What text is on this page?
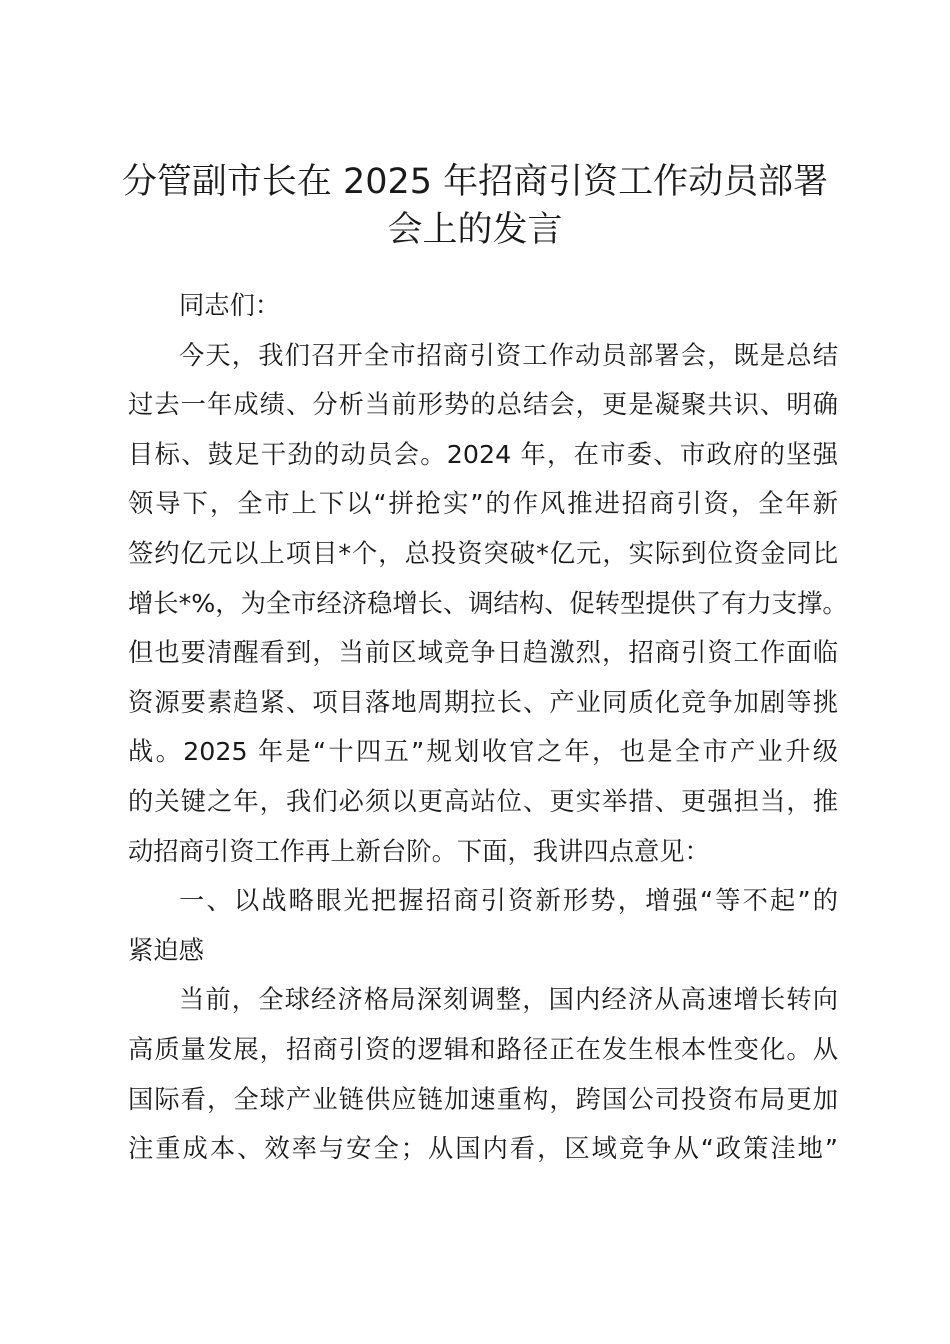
分管副市长在 2025 年招商引资工作动员部署
会上的发言
同志们：
今天，我们召开全市招商引资工作动员部署会，既是总结
过去一年成绩、分析当前形势的总结会，更是凝聚共识、明确
目标、鼓足干劲的动员会。2024 年，在市委、市政府的坚强
领导下，全市上下以“拼抢实”的作风推进招商引资，全年新
签约亿元以上项目*个，总投资突破*亿元，实际到位资金同比
增长*%，为全市经济稳增长、调结构、促转型提供了有力支撑。
但也要清醒看到，当前区域竞争日趋激烈，招商引资工作面临
资源要素趋紧、项目落地周期拉长、产业同质化竞争加剧等挑
战。2025 年是“十四五”规划收官之年，也是全市产业升级
的关键之年，我们必须以更高站位、更实举措、更强担当，推
动招商引资工作再上新台阶。下面，我讲四点意见：
一、以战略眼光把握招商引资新形势，增强“等不起”的
紧迫感
当前，全球经济格局深刻调整，国内经济从高速增长转向
高质量发展，招商引资的逻辑和路径正在发生根本性变化。从
国际看，全球产业链供应链加速重构，跨国公司投资布局更加
注重成本、效率与安全；从国内看，区域竞争从“政策洼地”
